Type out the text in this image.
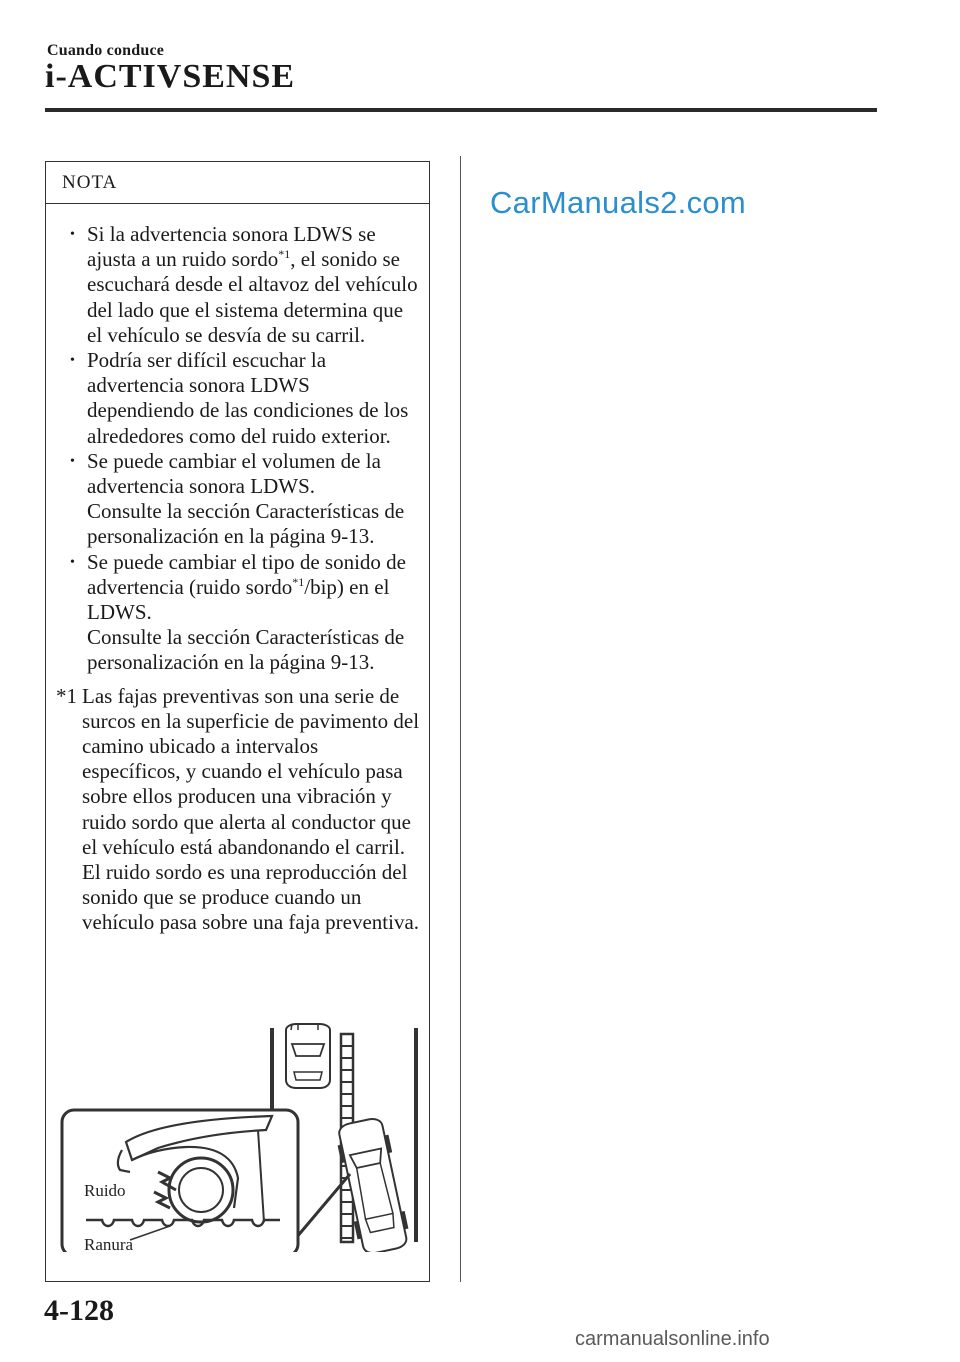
Cuando conduce
i-ACTIVSENSE
NOTA
• Si la advertencia sonora LDWS se ajusta a un ruido sordo$^{*1}$, el sonido se escuchará desde el altavoz del vehículo del lado que el sistema determina que el vehículo se desvía de su carril.
• Podría ser difícil escuchar la advertencia sonora LDWS dependiendo de las condiciones de los alrededores como del ruido exterior.
• Se puede cambiar el volumen de la advertencia sonora LDWS.
Consulte la sección Características de personalización en la página 9-13.
• Se puede cambiar el tipo de sonido de advertencia (ruido sordo$^{*1}$/bip) en el LDWS.
Consulte la sección Características de personalización en la página 9-13.
*1 Las fajas preventivas son una serie de surcos en la superficie de pavimento del camino ubicado a intervalos específicos, y cuando el vehículo pasa sobre ellos producen una vibración y ruido sordo que alerta al conductor que el vehículo está abandonando el carril. El ruido sordo es una reproducción del sonido que se produce cuando un vehículo pasa sobre una faja preventiva.
Ruido
Ranura
CarManuals2.com
4-128
carmanualsonline.info
